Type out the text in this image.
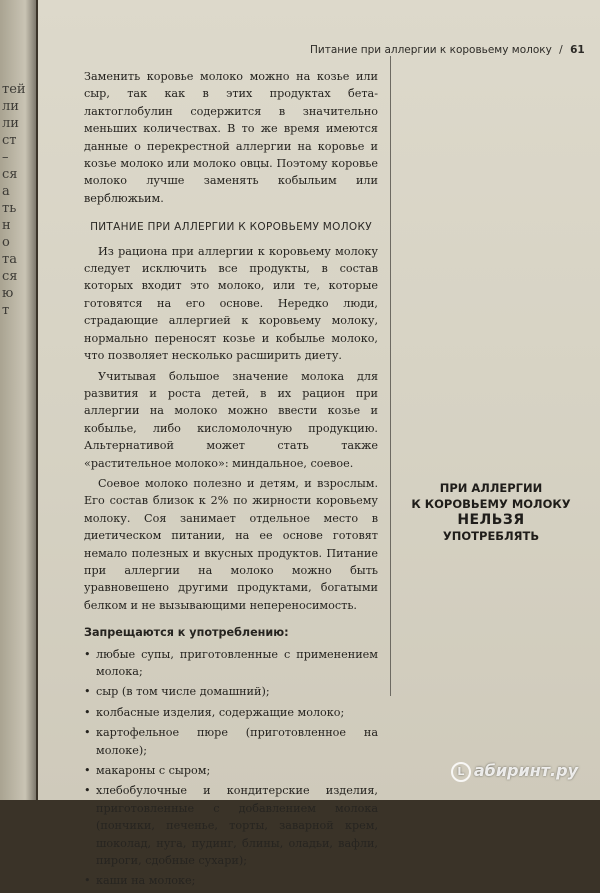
тей
ли
ли
ст
–
ся
а
ть
н
о
та
ся
ю
т
Питание при аллергии к коровьему молоку / 61

Заменить коровье молоко можно на козье или сыр, так как в этих продуктах бета-лактоглобулин содержится в значительно меньших количествах. В то же время имеются данные о перекрестной аллергии на коровье и козье молоко или молоко овцы. Поэтому коровье молоко лучше заменять кобыльим или верблюжьим.

ПИТАНИЕ ПРИ АЛЛЕРГИИ К КОРОВЬЕМУ МОЛОКУ

Из рациона при аллергии к коровьему молоку следует исключить все продукты, в состав которых входит это молоко, или те, которые готовятся на его основе. Нередко люди, страдающие аллергией к коровьему молоку, нормально переносят козье и кобылье молоко, что позволяет несколько расширить диету.

Учитывая большое значение молока для развития и роста детей, в их рацион при аллергии на молоко можно ввести козье и кобылье, либо кисломолочную продукцию. Альтернативой может стать также «растительное молоко»: миндальное, соевое.

Соевое молоко полезно и детям, и взрослым. Его состав близок к 2% по жирности коровьему молоку. Соя занимает отдельное место в диетическом питании, на ее основе готовят немало полезных и вкусных продуктов. Питание при аллергии на молоко можно быть уравновешено другими продуктами, богатыми белком и не вызывающими непереносимость.

Запрещаются к употреблению:
• любые супы, приготовленные с применением молока;
• сыр (в том числе домашний);
• колбасные изделия, содержащие молоко;
• картофельное пюре (приготовленное на молоке);
• макароны с сыром;
• хлебобулочные и кондитерские изделия, приготовленные с добавлением молока (пончики, печенье, торты, заварной крем, шоколад, нуга, пудинг, блины, оладьи, вафли, пироги, сдобные сухари);
• каши на молоке;
ПРИ АЛЛЕРГИИ
К КОРОВЬЕМУ МОЛОКУ
НЕЛЬЗЯ
УПОТРЕБЛЯТЬ
L абиринт.ру
